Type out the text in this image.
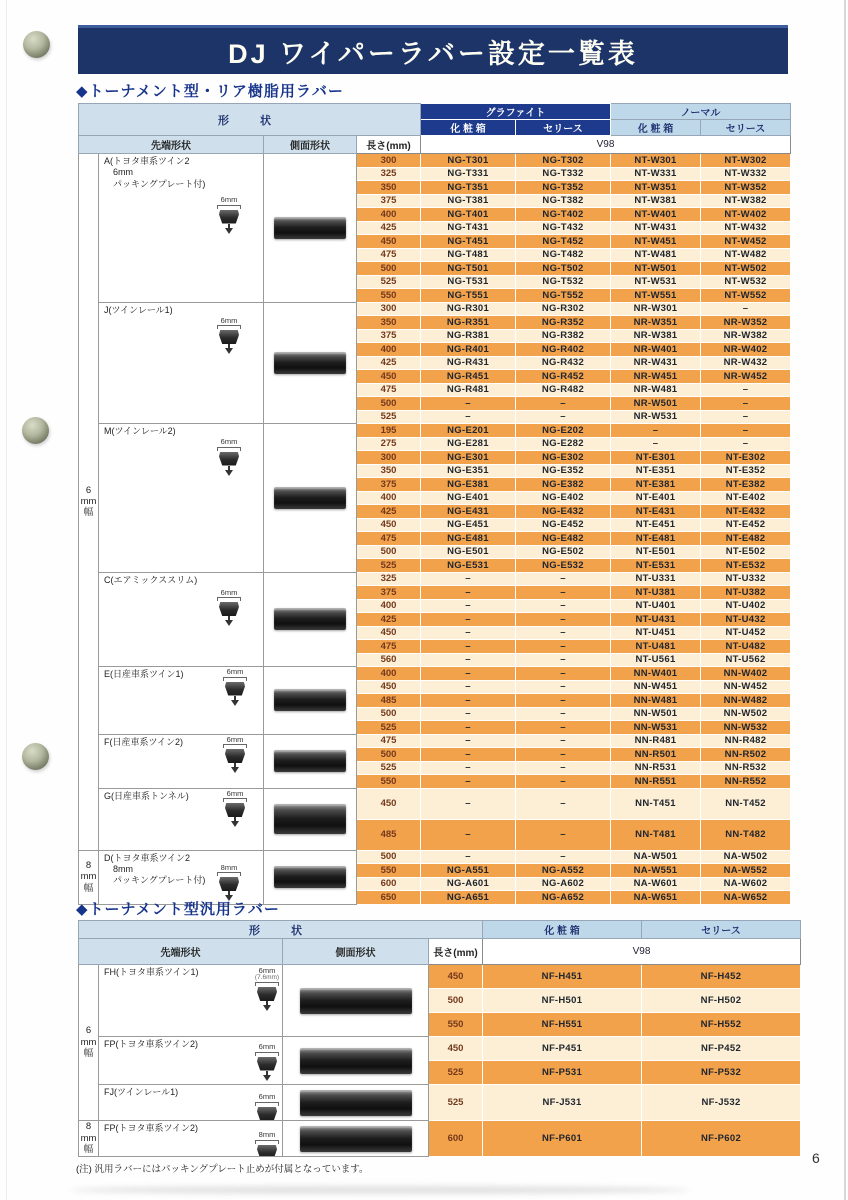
DJ ワイパーラバー設定一覧表
◆トーナメント型・リア樹脂用ラバー
形　状				グラファイト		ノーマル	
				化 粧 箱	セリース	化 粧 箱	セリース
先端形状		側面形状	長さ(mm)	V98			

6
mm
幅	A(トヨタ車系ツイン2
　6mm
　パッキングプレート付)
6mm		300	NG-T301	NG-T302	NT-W301	NT-W302
			325	NG-T331	NG-T332	NT-W331	NT-W332
			350	NG-T351	NG-T352	NT-W351	NT-W352
			375	NG-T381	NG-T382	NT-W381	NT-W382
			400	NG-T401	NG-T402	NT-W401	NT-W402
			425	NG-T431	NG-T432	NT-W431	NT-W432
			450	NG-T451	NG-T452	NT-W451	NT-W452
			475	NG-T481	NG-T482	NT-W481	NT-W482
			500	NG-T501	NG-T502	NT-W501	NT-W502
			525	NG-T531	NG-T532	NT-W531	NT-W532
			550	NG-T551	NG-T552	NT-W551	NT-W552

	J(ツインレール1)
6mm		300	NG-R301	NG-R302	NR-W301	–
			350	NG-R351	NG-R352	NR-W351	NR-W352
			375	NG-R381	NG-R382	NR-W381	NR-W382
			400	NG-R401	NG-R402	NR-W401	NR-W402
			425	NG-R431	NG-R432	NR-W431	NR-W432
			450	NG-R451	NG-R452	NR-W451	NR-W452
			475	NG-R481	NG-R482	NR-W481	–
			500	–	–	NR-W501	–
			525	–	–	NR-W531	–

	M(ツインレール2)
6mm		195	NG-E201	NG-E202	–	–
			275	NG-E281	NG-E282	–	–
			300	NG-E301	NG-E302	NT-E301	NT-E302
			350	NG-E351	NG-E352	NT-E351	NT-E352
			375	NG-E381	NG-E382	NT-E381	NT-E382
			400	NG-E401	NG-E402	NT-E401	NT-E402
			425	NG-E431	NG-E432	NT-E431	NT-E432
			450	NG-E451	NG-E452	NT-E451	NT-E452
			475	NG-E481	NG-E482	NT-E481	NT-E482
			500	NG-E501	NG-E502	NT-E501	NT-E502
			525	NG-E531	NG-E532	NT-E531	NT-E532

	C(エアミックススリム)
6mm		325	–	–	NT-U331	NT-U332
			375	–	–	NT-U381	NT-U382
			400	–	–	NT-U401	NT-U402
			425	–	–	NT-U431	NT-U432
			450	–	–	NT-U451	NT-U452
			475	–	–	NT-U481	NT-U482
			560	–	–	NT-U561	NT-U562

	E(日産車系ツイン1) 6mm		400	–	–	NN-W401	NN-W402
			450	–	–	NN-W451	NN-W452
			485	–	–	NN-W481	NN-W482
			500	–	–	NN-W501	NN-W502
			525	–	–	NN-W531	NN-W532

	F(日産車系ツイン2) 6mm		475	–	–	NN-R481	NN-R482
			500	–	–	NN-R501	NN-R502
			525	–	–	NN-R531	NN-R532
			550	–	–	NN-R551	NN-R552

	G(日産車系トンネル) 6mm		450	–	–	NN-T451	NN-T452
			485	–	–	NN-T481	NN-T482

8
mm
幅	D(トヨタ車系ツイン2
　8mm
　パッキングプレート付)
8mm		500	–	–	NA-W501	NA-W502
			550	NG-A551	NG-A552	NA-W551	NA-W552
			600	NG-A601	NG-A602	NA-W601	NA-W602
			650	NG-A651	NG-A652	NA-W651	NA-W652
◆トーナメント型汎用ラバー
形　状				化 粧 箱	セリース
先端形状		側面形状	長さ(mm)	V98	

6
mm
幅	FH(トヨタ車系ツイン1) 6mm
(7.6mm)		450	NF-H451	NF-H452
			500	NF-H501	NF-H502
			550	NF-H551	NF-H552

	FP(トヨタ車系ツイン2) 6mm		450	NF-P451	NF-P452
			525	NF-P531	NF-P532

	FJ(ツインレール1) 6mm		525	NF-J531	NF-J532

8
mm
幅	FP(トヨタ車系ツイン2)
8mm		600	NF-P601	NF-P602
(注) 汎用ラバーにはパッキングプレート止めが付属となっています。
6
